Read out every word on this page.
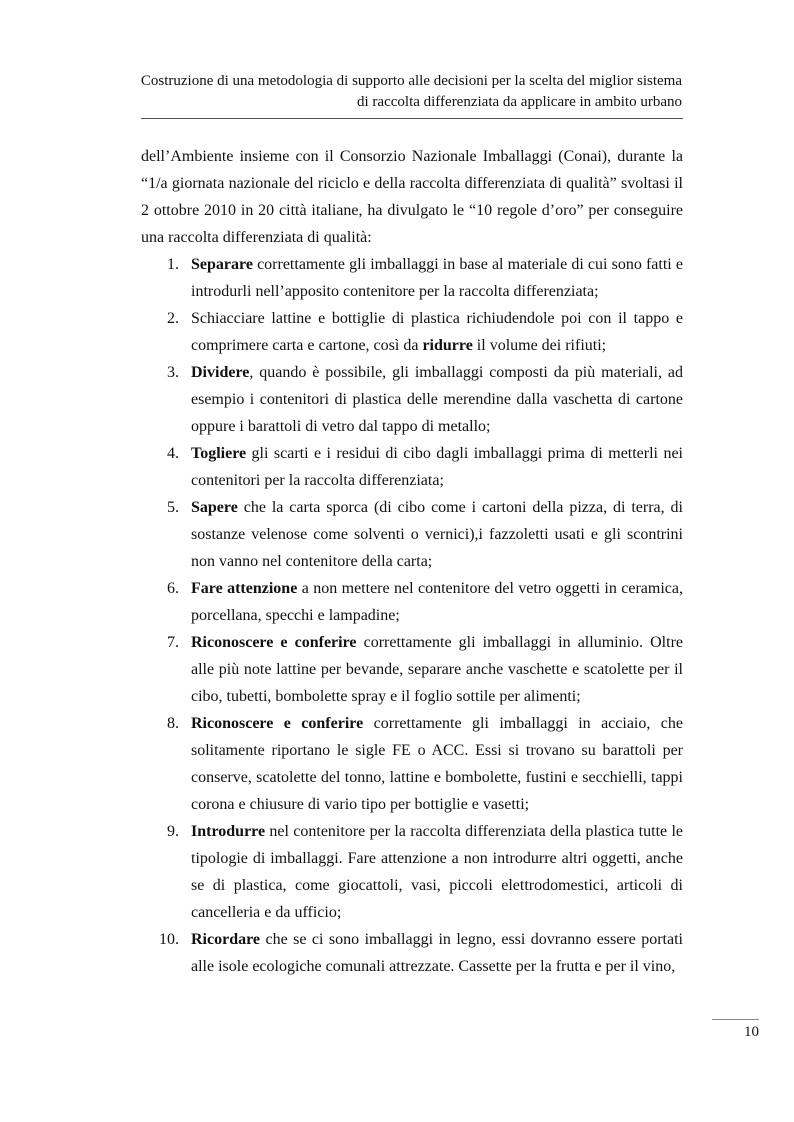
Costruzione di una metodologia di supporto alle decisioni per la scelta del miglior sistema
di raccolta differenziata da applicare in ambito urbano

dell’Ambiente insieme con il Consorzio Nazionale Imballaggi (Conai), durante la “1/a giornata nazionale del riciclo e della raccolta differenziata di qualità” svoltasi il 2 ottobre 2010 in 20 città italiane, ha divulgato le “10 regole d’oro” per conseguire una raccolta differenziata di qualità:

1. Separare correttamente gli imballaggi in base al materiale di cui sono fatti e introdurli nell’apposito contenitore per la raccolta differenziata;
2. Schiacciare lattine e bottiglie di plastica richiudendole poi con il tappo e comprimere carta e cartone, così da ridurre il volume dei rifiuti;
3. Dividere, quando è possibile, gli imballaggi composti da più materiali, ad esempio i contenitori di plastica delle merendine dalla vaschetta di cartone oppure i barattoli di vetro dal tappo di metallo;
4. Togliere gli scarti e i residui di cibo dagli imballaggi prima di metterli nei contenitori per la raccolta differenziata;
5. Sapere che la carta sporca (di cibo come i cartoni della pizza, di terra, di sostanze velenose come solventi o vernici),i fazzoletti usati e gli scontrini non vanno nel contenitore della carta;
6. Fare attenzione a non mettere nel contenitore del vetro oggetti in ceramica, porcellana, specchi e lampadine;
7. Riconoscere e conferire correttamente gli imballaggi in alluminio. Oltre alle più note lattine per bevande, separare anche vaschette e scatolette per il cibo, tubetti, bombolette spray e il foglio sottile per alimenti;
8. Riconoscere e conferire correttamente gli imballaggi in acciaio, che solitamente riportano le sigle FE o ACC. Essi si trovano su barattoli per conserve, scatolette del tonno, lattine e bombolette, fustini e secchielli, tappi corona e chiusure di vario tipo per bottiglie e vasetti;
9. Introdurre nel contenitore per la raccolta differenziata della plastica tutte le tipologie di imballaggi. Fare attenzione a non introdurre altri oggetti, anche se di plastica, come giocattoli, vasi, piccoli elettrodomestici, articoli di cancelleria e da ufficio;
10. Ricordare che se ci sono imballaggi in legno, essi dovranno essere portati alle isole ecologiche comunali attrezzate. Cassette per la frutta e per il vino,
10
